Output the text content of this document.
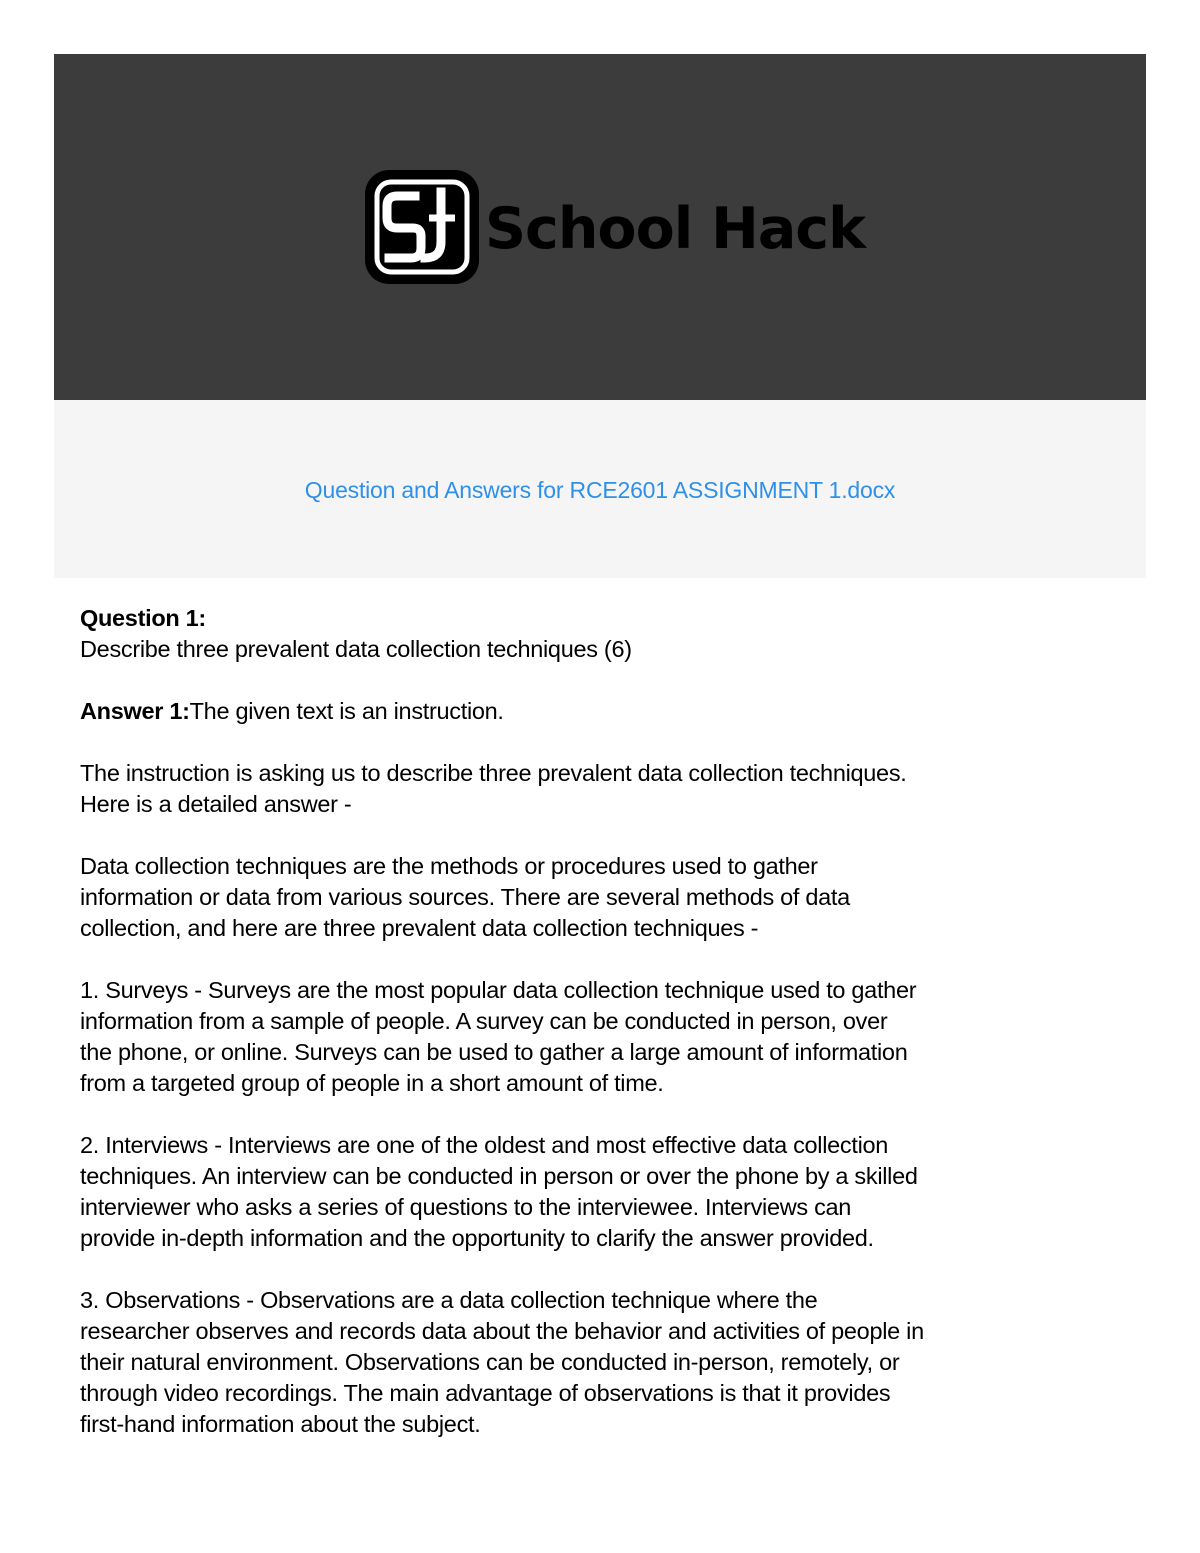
School Hack
Question and Answers for RCE2601 ASSIGNMENT 1.docx

Question 1:

Describe three prevalent data collection techniques (6)

Answer 1:The given text is an instruction.

The instruction is asking us to describe three prevalent data collection techniques.

Here is a detailed answer -

Data collection techniques are the methods or procedures used to gather

information or data from various sources. There are several methods of data

collection, and here are three prevalent data collection techniques -

1. Surveys - Surveys are the most popular data collection technique used to gather

information from a sample of people. A survey can be conducted in person, over

the phone, or online. Surveys can be used to gather a large amount of information

from a targeted group of people in a short amount of time.

2. Interviews - Interviews are one of the oldest and most effective data collection

techniques. An interview can be conducted in person or over the phone by a skilled

interviewer who asks a series of questions to the interviewee. Interviews can

provide in-depth information and the opportunity to clarify the answer provided.

3. Observations - Observations are a data collection technique where the

researcher observes and records data about the behavior and activities of people in

their natural environment. Observations can be conducted in-person, remotely, or

through video recordings. The main advantage of observations is that it provides

first-hand information about the subject.
